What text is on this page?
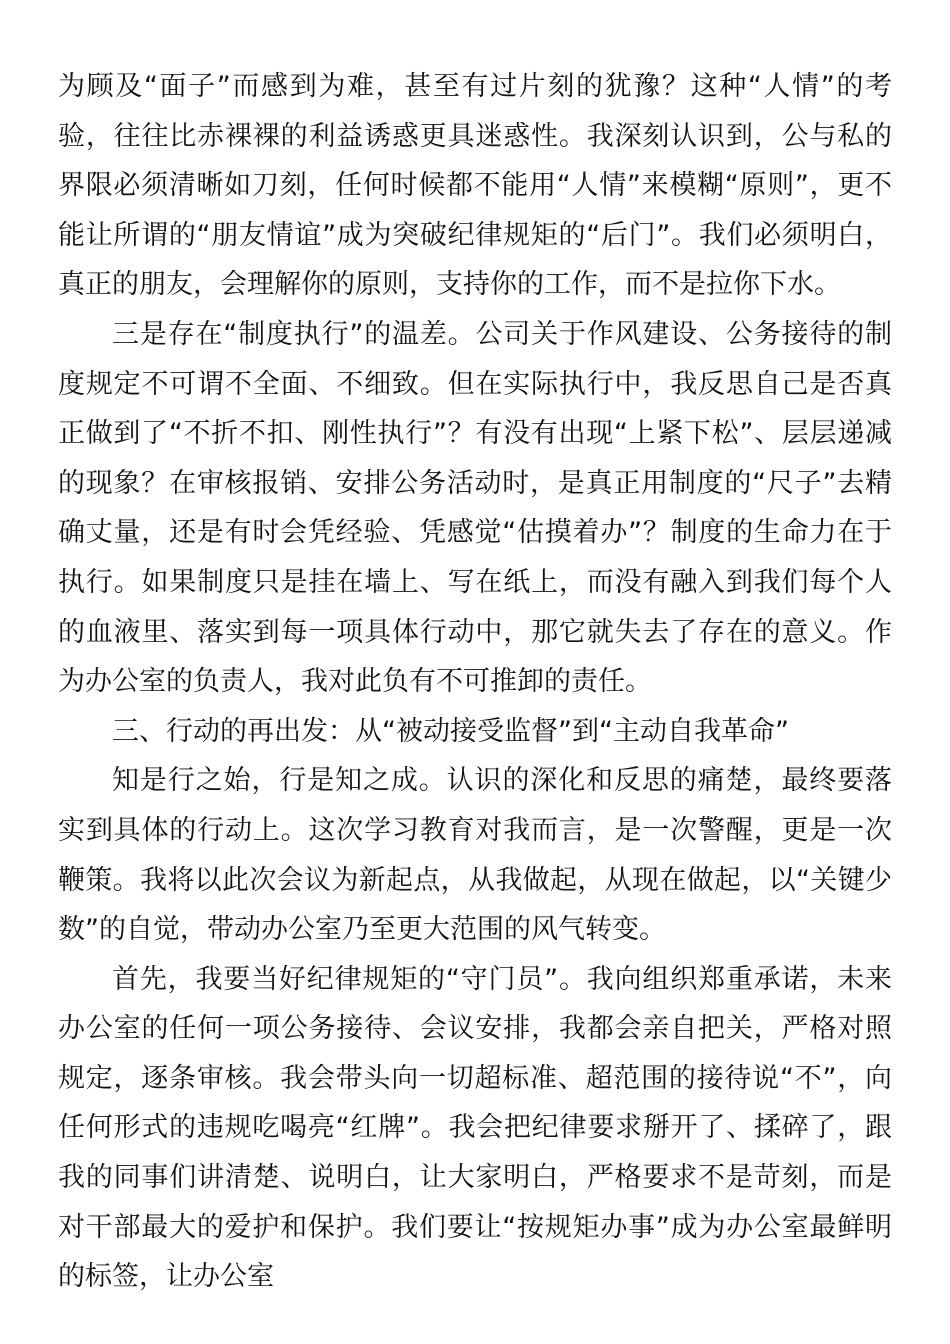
为顾及“面子”而感到为难，甚至有过片刻的犹豫？这种“人情”的考验，往往比赤裸裸的利益诱惑更具迷惑性。我深刻认识到，公与私的界限必须清晰如刀刻，任何时候都不能用“人情”来模糊“原则”，更不能让所谓的“朋友情谊”成为突破纪律规矩的“后门”。我们必须明白，真正的朋友，会理解你的原则，支持你的工作，而不是拉你下水。

三是存在“制度执行”的温差。公司关于作风建设、公务接待的制度规定不可谓不全面、不细致。但在实际执行中，我反思自己是否真正做到了“不折不扣、刚性执行”？有没有出现“上紧下松”、层层递减的现象？在审核报销、安排公务活动时，是真正用制度的“尺子”去精确丈量，还是有时会凭经验、凭感觉“估摸着办”？制度的生命力在于执行。如果制度只是挂在墙上、写在纸上，而没有融入到我们每个人的血液里、落实到每一项具体行动中，那它就失去了存在的意义。作为办公室的负责人，我对此负有不可推卸的责任。

三、行动的再出发：从“被动接受监督”到“主动自我革命”

知是行之始，行是知之成。认识的深化和反思的痛楚，最终要落实到具体的行动上。这次学习教育对我而言，是一次警醒，更是一次鞭策。我将以此次会议为新起点，从我做起，从现在做起，以“关键少数”的自觉，带动办公室乃至更大范围的风气转变。

首先，我要当好纪律规矩的“守门员”。我向组织郑重承诺，未来办公室的任何一项公务接待、会议安排，我都会亲自把关，严格对照规定，逐条审核。我会带头向一切超标准、超范围的接待说“不”，向任何形式的违规吃喝亮“红牌”。我会把纪律要求掰开了、揉碎了，跟我的同事们讲清楚、说明白，让大家明白，严格要求不是苛刻，而是对干部最大的爱护和保护。我们要让“按规矩办事”成为办公室最鲜明的标签，让办公室
